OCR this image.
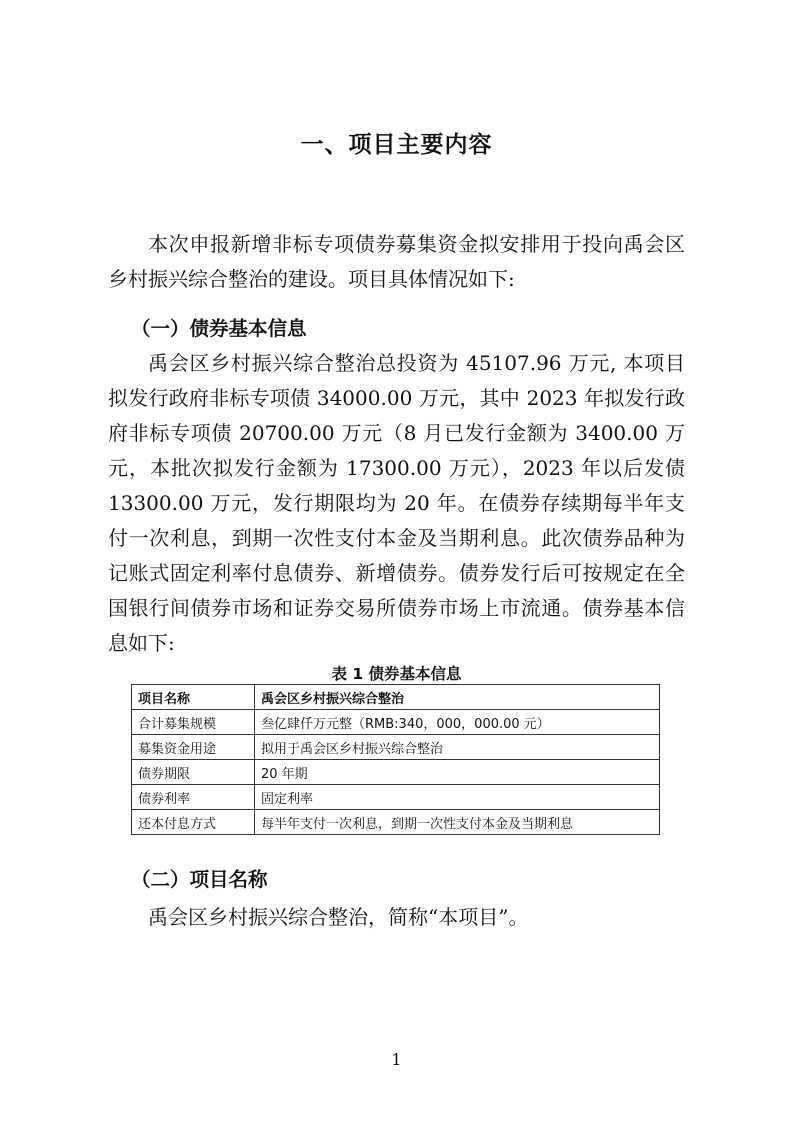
一、项目主要内容

本次申报新增非标专项债券募集资金拟安排用于投向禹会区乡村振兴综合整治的建设。项目具体情况如下:

（一）债券基本信息

禹会区乡村振兴综合整治总投资为 45107.96 万元, 本项目拟发行政府非标专项债 34000.00 万元，其中 2023 年拟发行政府非标专项债 20700.00 万元（8 月已发行金额为 3400.00 万元，本批次拟发行金额为 17300.00 万元），2023 年以后发债 13300.00 万元，发行期限均为 20 年。在债券存续期每半年支付一次利息，到期一次性支付本金及当期利息。此次债券品种为记账式固定利率付息债券、新增债券。债券发行后可按规定在全国银行间债券市场和证券交易所债券市场上市流通。债券基本信息如下:

表 1 债券基本信息
项目名称	禹会区乡村振兴综合整治
合计募集规模	叁亿肆仟万元整（RMB:340，000，000.00 元）
募集资金用途	拟用于禹会区乡村振兴综合整治
债券期限	20 年期
债券利率	固定利率
还本付息方式	每半年支付一次利息，到期一次性支付本金及当期利息
（二）项目名称
禹会区乡村振兴综合整治，简称“本项目”。
1
